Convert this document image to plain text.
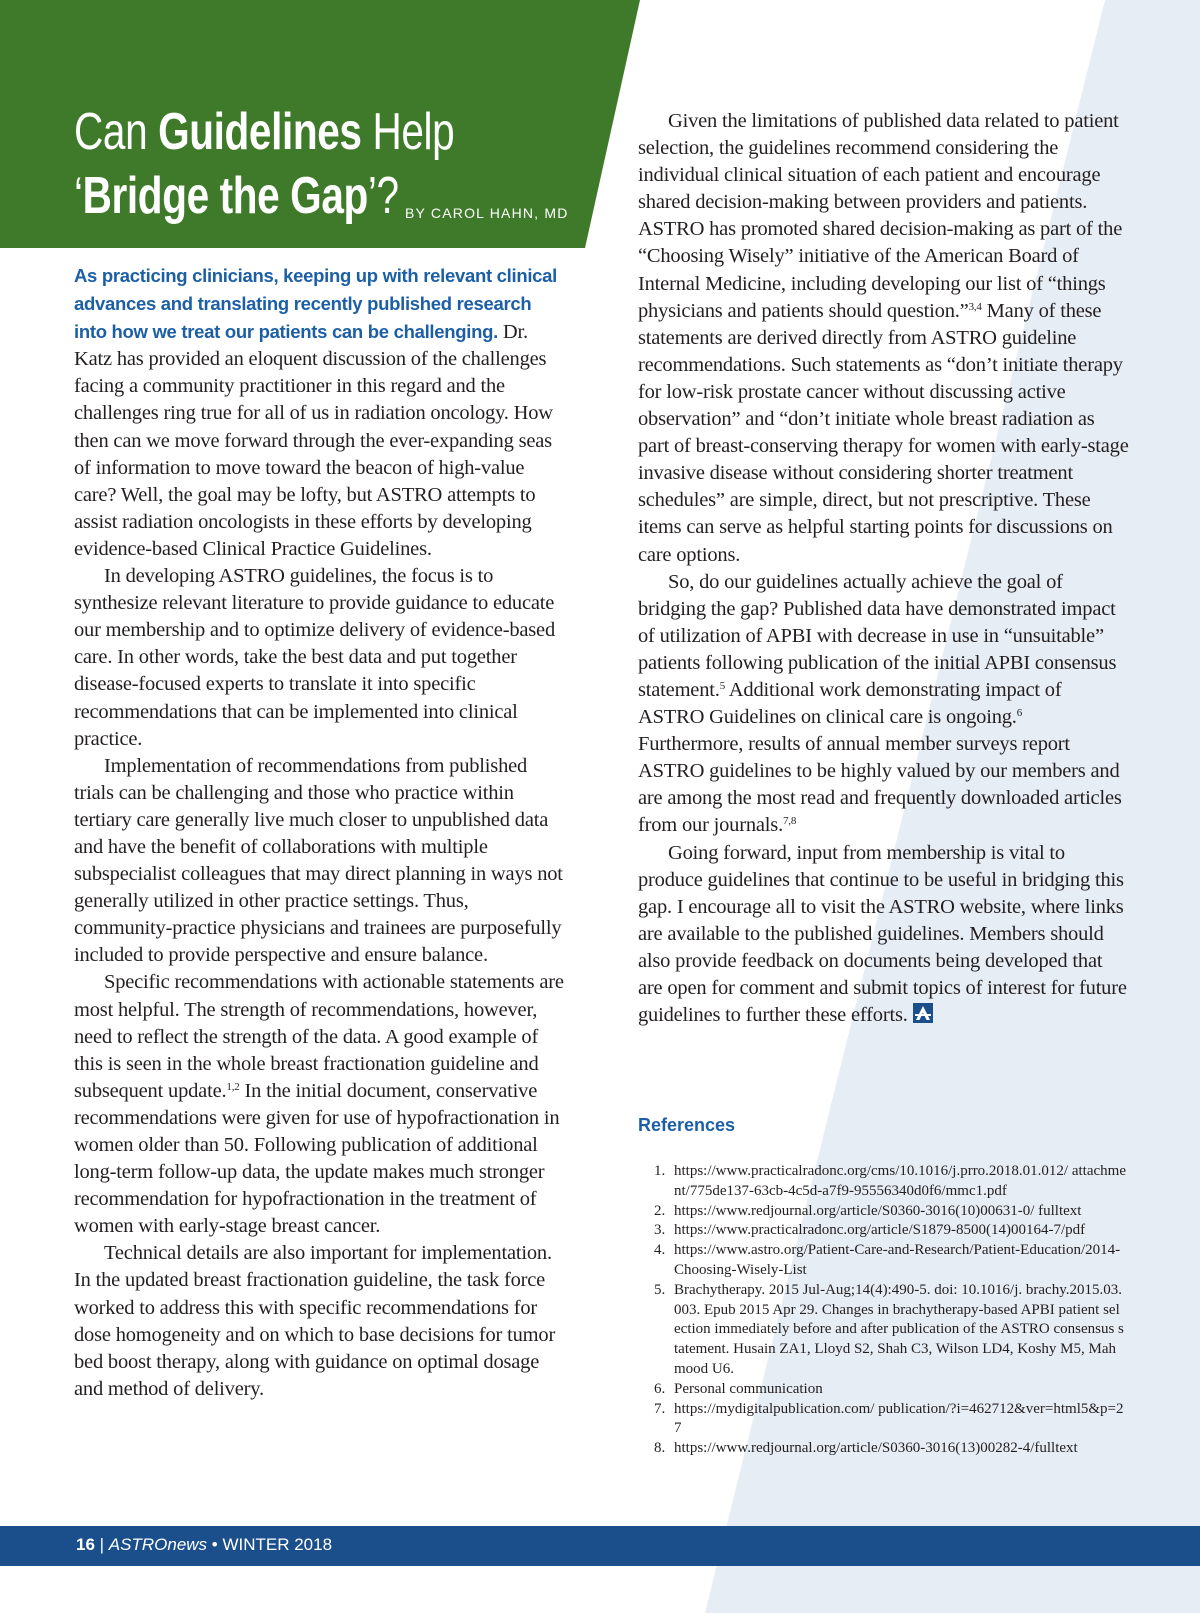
Can Guidelines Help
‘Bridge the Gap’? BY CAROL HAHN, MD

As practicing clinicians, keeping up with relevant clinical advances and translating recently published research into how we treat our patients can be challenging. Dr. Katz has provided an eloquent discussion of the challenges facing a community practitioner in this regard and the challenges ring true for all of us in radiation oncology. How then can we move forward through the ever-expanding seas of information to move toward the beacon of high-value care? Well, the goal may be lofty, but ASTRO attempts to assist radiation oncologists in these efforts by developing evidence-based Clinical Practice Guidelines.

In developing ASTRO guidelines, the focus is to synthesize relevant literature to provide guidance to educate our membership and to optimize delivery of evidence-based care. In other words, take the best data and put together disease-focused experts to translate it into specific recommendations that can be implemented into clinical practice.

Implementation of recommendations from published trials can be challenging and those who practice within tertiary care generally live much closer to unpublished data and have the benefit of collaborations with multiple subspecialist colleagues that may direct planning in ways not generally utilized in other practice settings. Thus, community-practice physicians and trainees are purposefully included to provide perspective and ensure balance.

Specific recommendations with actionable statements are most helpful. The strength of recommendations, however, need to reflect the strength of the data. A good example of this is seen in the whole breast fractionation guideline and subsequent update.$^{1,2}$ In the initial document, conservative recommendations were given for use of hypofractionation in women older than 50. Following publication of additional long-term follow-up data, the update makes much stronger recommendation for hypofractionation in the treatment of women with early-stage breast cancer.

Technical details are also important for implementation. In the updated breast fractionation guideline, the task force worked to address this with specific recommendations for dose homogeneity and on which to base decisions for tumor bed boost therapy, along with guidance on optimal dosage and method of delivery.

Given the limitations of published data related to patient selection, the guidelines recommend considering the individual clinical situation of each patient and encourage shared decision-making between providers and patients. ASTRO has promoted shared decision-making as part of the “Choosing Wisely” initiative of the American Board of Internal Medicine, including developing our list of “things physicians and patients should question.”$^{3,4}$ Many of these statements are derived directly from ASTRO guideline recommendations. Such statements as “don’t initiate therapy for low-risk prostate cancer without discussing active observation” and “don’t initiate whole breast radiation as part of breast-conserving therapy for women with early-stage invasive disease without considering shorter treatment schedules” are simple, direct, but not prescriptive. These items can serve as helpful starting points for discussions on care options.

So, do our guidelines actually achieve the goal of bridging the gap? Published data have demonstrated impact of utilization of APBI with decrease in use in “unsuitable” patients following publication of the initial APBI consensus statement.$^5$ Additional work demonstrating impact of ASTRO Guidelines on clinical care is ongoing.$^6$ Furthermore, results of annual member surveys report ASTRO guidelines to be highly valued by our members and are among the most read and frequently downloaded articles from our journals.$^{7,8}$

Going forward, input from membership is vital to produce guidelines that continue to be useful in bridging this gap. I encourage all to visit the ASTRO website, where links are available to the published guidelines. Members should also provide feedback on documents being developed that are open for comment and submit topics of interest for future guidelines to further these efforts.

References
1. https://www.practicalradonc.org/cms/10.1016/j.prro.2018.01.012/ attachment/775de137-63cb-4c5d-a7f9-95556340d0f6/mmc1.pdf
2. https://www.redjournal.org/article/S0360-3016(10)00631-0/ fulltext
3. https://www.practicalradonc.org/article/S1879-8500(14)00164-7/pdf
4. https://www.astro.org/Patient-Care-and-Research/Patient-Education/2014-Choosing-Wisely-List
5. Brachytherapy. 2015 Jul-Aug;14(4):490-5. doi: 10.1016/j. brachy.2015.03.003. Epub 2015 Apr 29. Changes in brachytherapy-based APBI patient selection immediately before and after publication of the ASTRO consensus statement. Husain ZA1, Lloyd S2, Shah C3, Wilson LD4, Koshy M5, Mahmood U6.
6. Personal communication
7. https://mydigitalpublication.com/ publication/?i=462712&ver=html5&p=27
8. https://www.redjournal.org/article/S0360-3016(13)00282-4/fulltext
16 | ASTROnews • WINTER 2018
